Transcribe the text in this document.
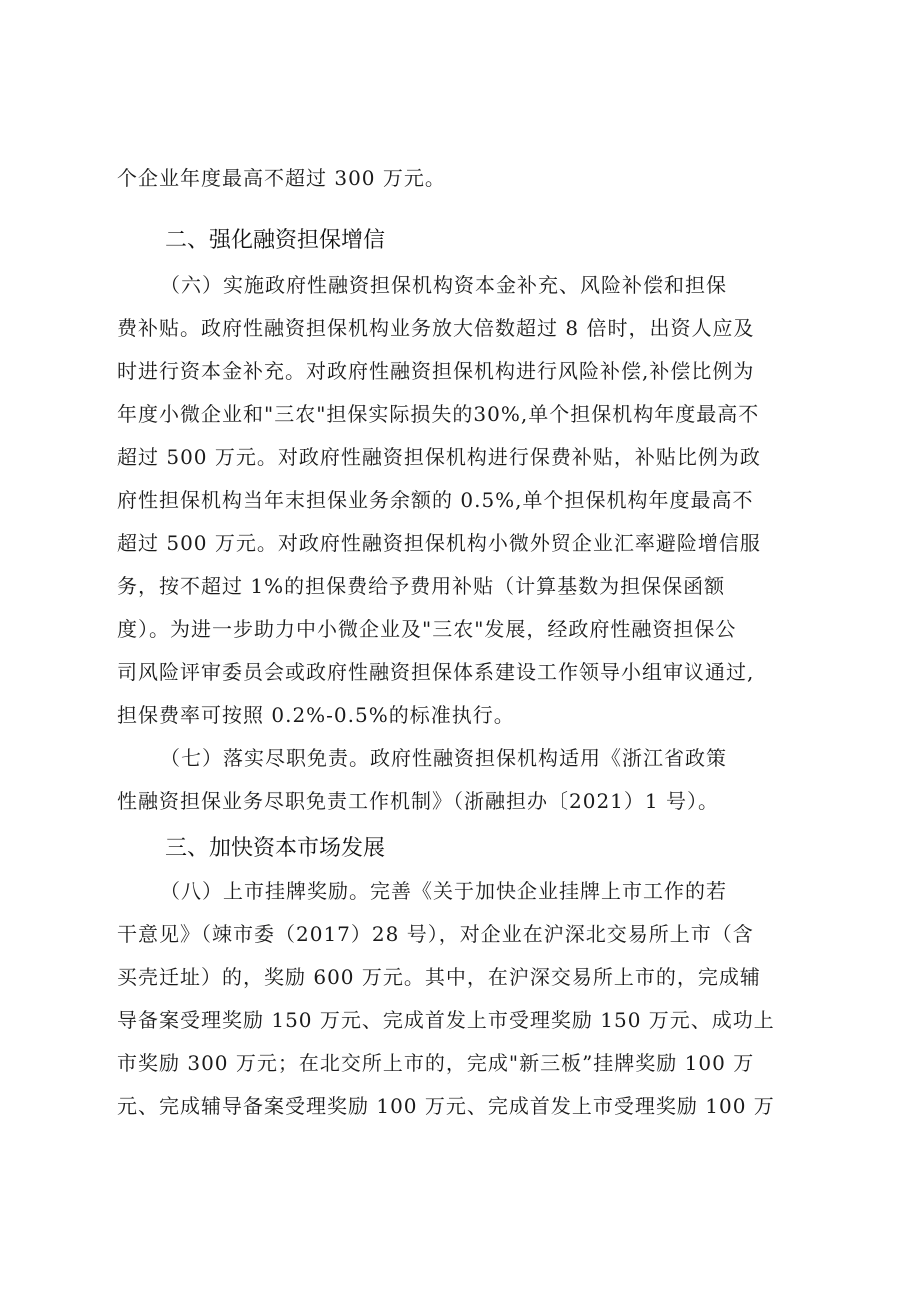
个企业年度最高不超过 300 万元。
二、强化融资担保增信
（六）实施政府性融资担保机构资本金补充、风险补偿和担保
费补贴。政府性融资担保机构业务放大倍数超过 8 倍时，出资人应及
时进行资本金补充。对政府性融资担保机构进行风险补偿,补偿比例为
年度小微企业和"三农"担保实际损失的30%,单个担保机构年度最高不
超过 500 万元。对政府性融资担保机构进行保费补贴，补贴比例为政
府性担保机构当年末担保业务余额的 0.5%,单个担保机构年度最高不
超过 500 万元。对政府性融资担保机构小微外贸企业汇率避险增信服
务，按不超过 1%的担保费给予费用补贴（计算基数为担保保函额
度）。为进一步助力中小微企业及"三农"发展，经政府性融资担保公
司风险评审委员会或政府性融资担保体系建设工作领导小组审议通过,
担保费率可按照 0.2%-0.5%的标准执行。
（七）落实尽职免责。政府性融资担保机构适用《浙江省政策
性融资担保业务尽职免责工作机制》（浙融担办〔2021）1 号）。
三、加快资本市场发展
（八）上市挂牌奖励。完善《关于加快企业挂牌上市工作的若
干意见》（竦市委（2017）28 号），对企业在沪深北交易所上市（含
买壳迁址）的，奖励 600 万元。其中，在沪深交易所上市的，完成辅
导备案受理奖励 150 万元、完成首发上市受理奖励 150 万元、成功上
市奖励 300 万元；在北交所上市的，完成"新三板”挂牌奖励 100 万
元、完成辅导备案受理奖励 100 万元、完成首发上市受理奖励 100 万
